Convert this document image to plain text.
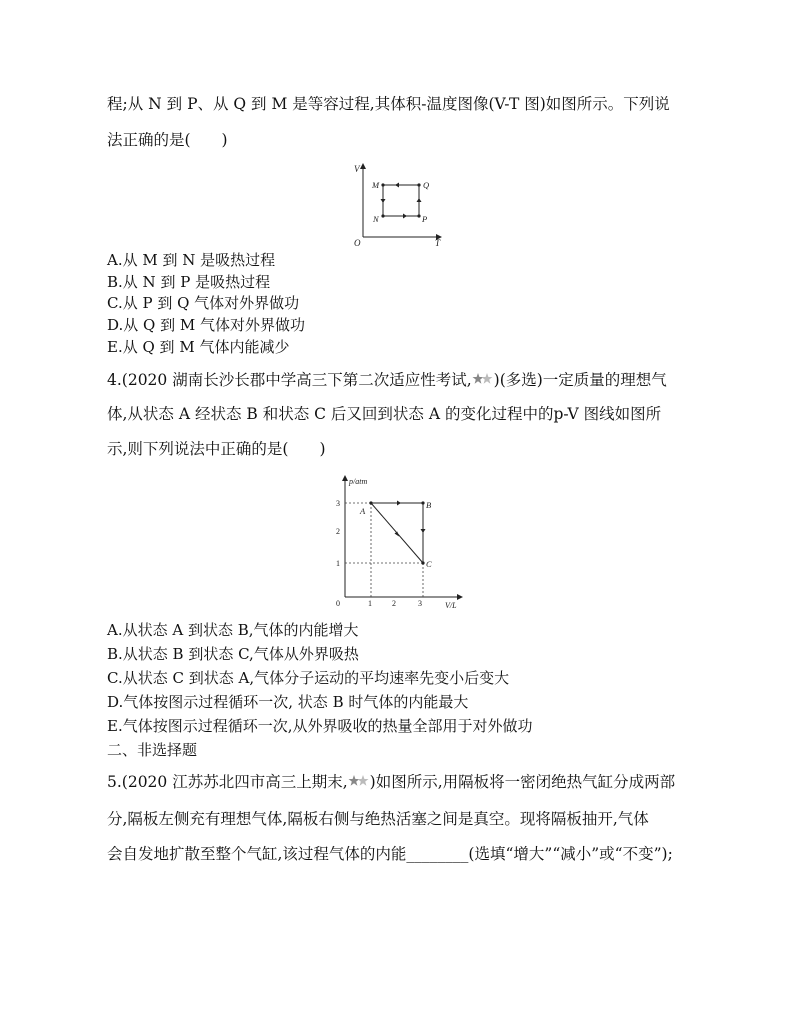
程;从 N 到 P、从 Q 到 M 是等容过程,其体积-温度图像(V-T 图)如图所示。下列说
法正确的是(　　)
V
T
O
M	Q
N	P
A.从 M 到 N 是吸热过程
B.从 N 到 P 是吸热过程
C.从 P 到 Q 气体对外界做功
D.从 Q 到 M 气体对外界做功
E.从 Q 到 M 气体内能减少
4.(2020 湖南长沙长郡中学高三下第二次适应性考试, )(多选)一定质量的理想气
体,从状态 A 经状态 B 和状态 C 后又回到状态 A 的变化过程中的p-V 图线如图所
示,则下列说法中正确的是(　　)
p/atm
V/L
0
3
2
1
1	2	3
A
B
C
A.从状态 A 到状态 B,气体的内能增大
B.从状态 B 到状态 C,气体从外界吸热
C.从状态 C 到状态 A,气体分子运动的平均速率先变小后变大
D.气体按图示过程循环一次, 状态 B 时气体的内能最大
E.气体按图示过程循环一次,从外界吸收的热量全部用于对外做功
二、非选择题
5.(2020 江苏苏北四市高三上期末, )如图所示,用隔板将一密闭绝热气缸分成两部
分,隔板左侧充有理想气体,隔板右侧与绝热活塞之间是真空。现将隔板抽开,气体
会自发地扩散至整个气缸,该过程气体的内能________(选填“增大”“减小”或“不变”);
